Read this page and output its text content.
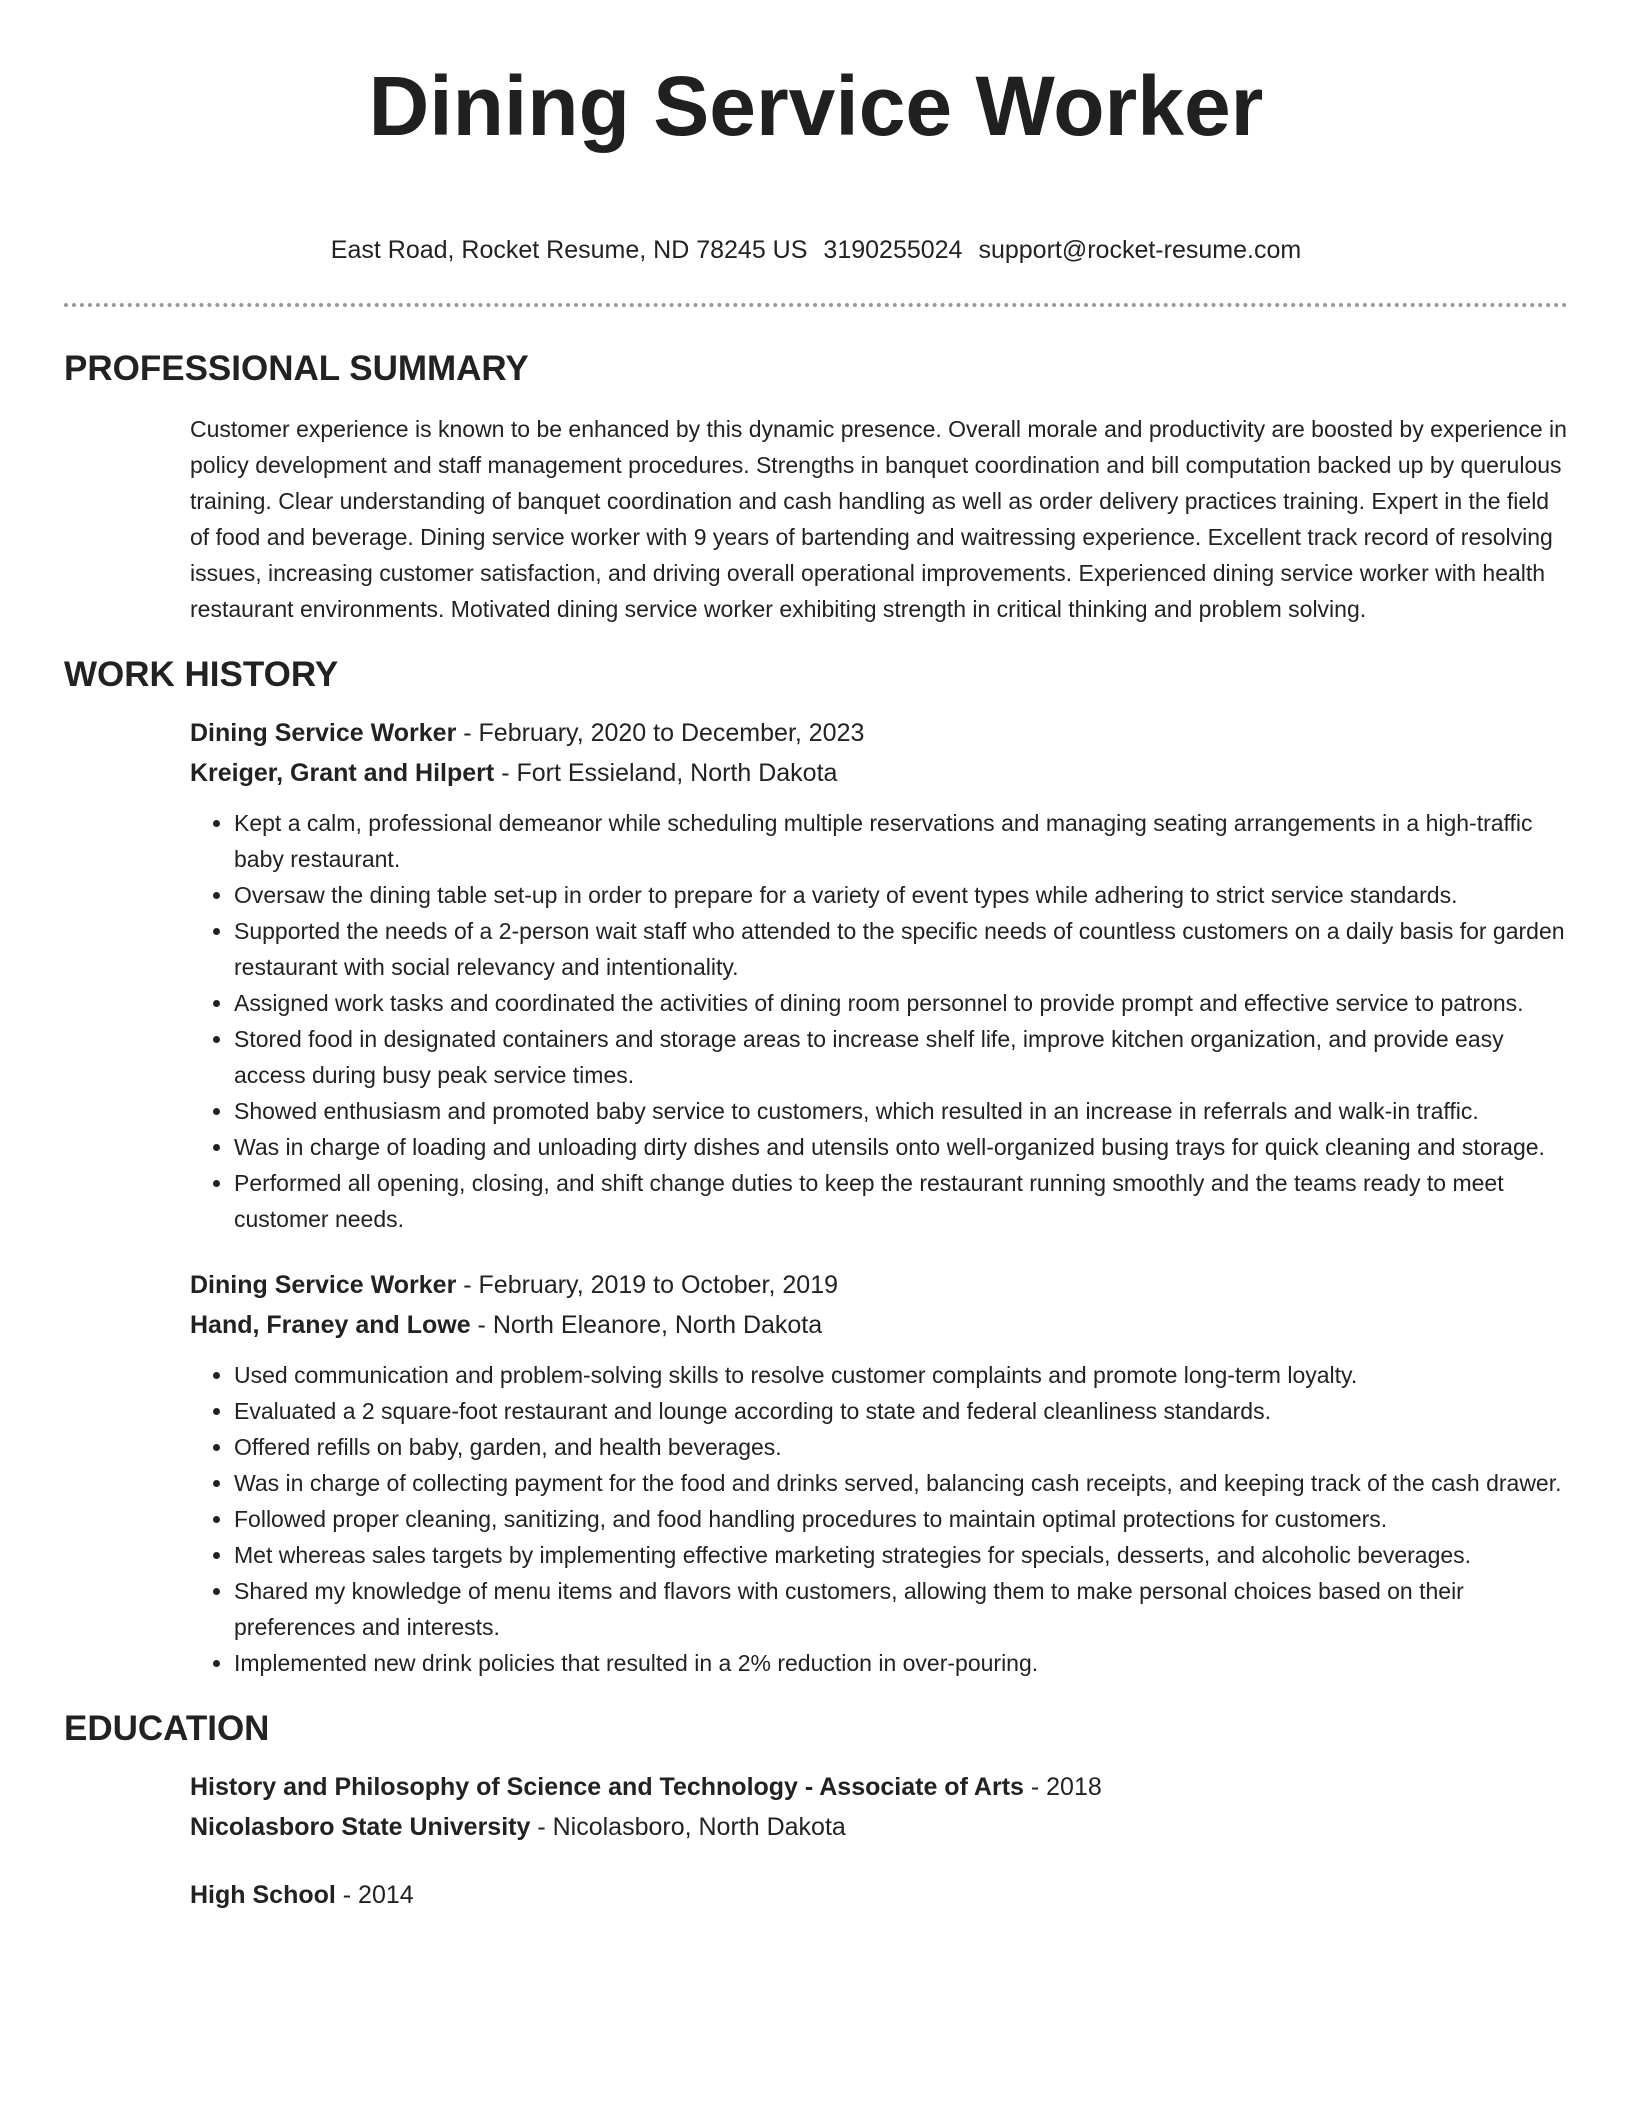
Dining Service Worker
East Road, Rocket Resume, ND 78245 US 3190255024 support@rocket-resume.com
PROFESSIONAL SUMMARY

Customer experience is known to be enhanced by this dynamic presence. Overall morale and productivity are boosted by experience in policy development and staff management procedures. Strengths in banquet coordination and bill computation backed up by querulous training. Clear understanding of banquet coordination and cash handling as well as order delivery practices training. Expert in the field of food and beverage. Dining service worker with 9 years of bartending and waitressing experience. Excellent track record of resolving issues, increasing customer satisfaction, and driving overall operational improvements. Experienced dining service worker with health restaurant environments. Motivated dining service worker exhibiting strength in critical thinking and problem solving.

WORK HISTORY

Dining Service Worker - February, 2020 to December, 2023

Kreiger, Grant and Hilpert - Fort Essieland, North Dakota

• Kept a calm, professional demeanor while scheduling multiple reservations and managing seating arrangements in a high-traffic baby restaurant.
• Oversaw the dining table set-up in order to prepare for a variety of event types while adhering to strict service standards.
• Supported the needs of a 2-person wait staff who attended to the specific needs of countless customers on a daily basis for garden restaurant with social relevancy and intentionality.
• Assigned work tasks and coordinated the activities of dining room personnel to provide prompt and effective service to patrons.
• Stored food in designated containers and storage areas to increase shelf life, improve kitchen organization, and provide easy access during busy peak service times.
• Showed enthusiasm and promoted baby service to customers, which resulted in an increase in referrals and walk-in traffic.
• Was in charge of loading and unloading dirty dishes and utensils onto well-organized busing trays for quick cleaning and storage.
• Performed all opening, closing, and shift change duties to keep the restaurant running smoothly and the teams ready to meet customer needs.

Dining Service Worker - February, 2019 to October, 2019

Hand, Franey and Lowe - North Eleanore, North Dakota

• Used communication and problem-solving skills to resolve customer complaints and promote long-term loyalty.
• Evaluated a 2 square-foot restaurant and lounge according to state and federal cleanliness standards.
• Offered refills on baby, garden, and health beverages.
• Was in charge of collecting payment for the food and drinks served, balancing cash receipts, and keeping track of the cash drawer.
• Followed proper cleaning, sanitizing, and food handling procedures to maintain optimal protections for customers.
• Met whereas sales targets by implementing effective marketing strategies for specials, desserts, and alcoholic beverages.
• Shared my knowledge of menu items and flavors with customers, allowing them to make personal choices based on their preferences and interests.
• Implemented new drink policies that resulted in a 2% reduction in over-pouring.
EDUCATION

History and Philosophy of Science and Technology - Associate of Arts - 2018

Nicolasboro State University - Nicolasboro, North Dakota

High School - 2014
